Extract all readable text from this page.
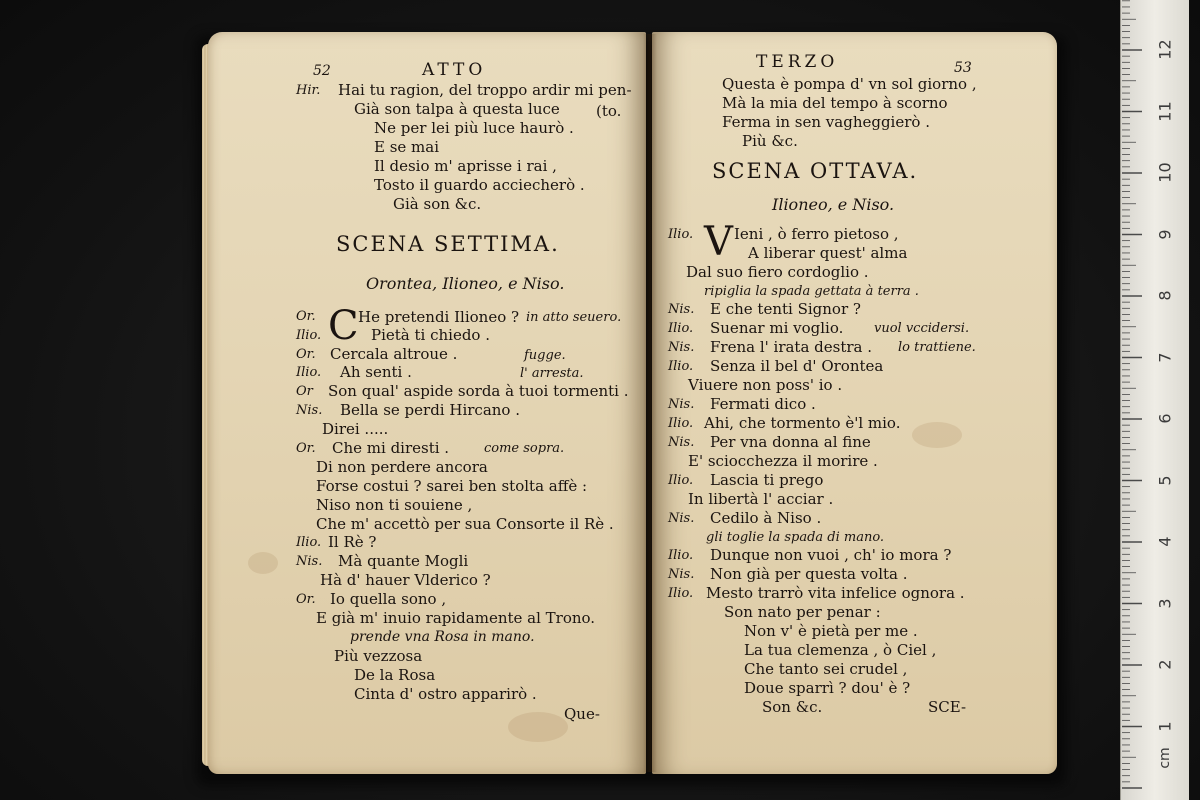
52	ATTO
Hir. Hai tu ragion, del troppo ardir mi pen-
Già son talpa à questa luce (to.
Ne per lei più luce haurò .
E se mai
Il desio m' aprisse i rai ,
Tosto il guardo acciecherò .
Già son &c.
SCENA SETTIMA.
Orontea, Ilioneo, e Niso.
C
Or.	He pretendi Ilioneo ? in atto seuero.
Ilio.	Pietà ti chiedo .
Or. Cercala altroue .	fugge.
Ilio. Ah senti .	l' arresta.
Or Son qual' aspide sorda à tuoi tormenti .
Nis. Bella se perdi Hircano .
Direi .....
Or. Che mi diresti .	come sopra.
Di non perdere ancora
Forse costui ? sarei ben stolta affè :
Niso non ti souiene ,
Che m' accettò per sua Consorte il Rè .
Ilio. Il Rè ?
Nis. Mà quante Mogli
Hà d' hauer Vlderico ?
Or. Io quella sono ,
E già m' inuio rapidamente al Trono.
prende vna Rosa in mano.
Più vezzosa
De la Rosa
Cinta d' ostro apparirò .
Que-
TERZO	53
Questa è pompa d' vn sol giorno ,
Mà la mia del tempo à scorno
Ferma in sen vagheggierò .
Più &c.
SCENA OTTAVA.
Ilioneo, e Niso.
V
Ilio.	Ieni , ò ferro pietoso ,
A liberar quest' alma
Dal suo fiero cordoglio .
ripiglia la spada gettata à terra .
Nis. E che tenti Signor ?
Ilio. Suenar mi voglio. vuol vccidersi.
Nis. Frena l' irata destra . lo trattiene.
Ilio. Senza il bel d' Orontea
Viuere non poss' io .
Nis. Fermati dico .
Ilio. Ahi, che tormento è'l mio.
Nis. Per vna donna al fine
E' sciocchezza il morire .
Ilio. Lascia ti prego
In libertà l' acciar .
Nis. Cedilo à Niso .
gli toglie la spada di mano.
Ilio. Dunque non vuoi , ch' io mora ?
Nis. Non già per questa volta .
Ilio. Mesto trarrò vita infelice ognora .
Son nato per penar :
Non v' è pietà per me .
La tua clemenza , ò Ciel ,
Che tanto sei crudel ,
Doue sparrì ? dou' è ?
Son &c.	SCE-
1
2
3
4
5
6
7
8
9
10
11
12
cm
